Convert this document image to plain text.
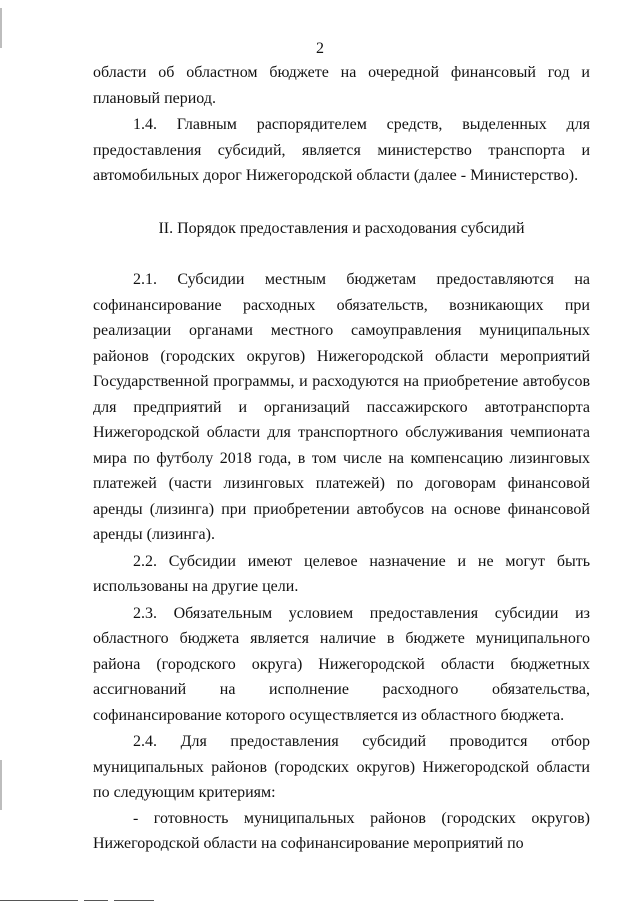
2

области об областном бюджете на очередной финансовый год и плановый период.

1.4. Главным распорядителем средств, выделенных для предоставления субсидий, является министерство транспорта и автомобильных дорог Нижегородской области (далее - Министерство).

II. Порядок предоставления и расходования субсидий

2.1. Субсидии местным бюджетам предоставляются на софинансирование расходных обязательств, возникающих при реализации органами местного самоуправления муниципальных районов (городских округов) Нижегородской области мероприятий Государственной программы, и расходуются на приобретение автобусов для предприятий и организаций пассажирского автотранспорта Нижегородской области для транспортного обслуживания чемпионата мира по футболу 2018 года, в том числе на компенсацию лизинговых платежей (части лизинговых платежей) по договорам финансовой аренды (лизинга) при приобретении автобусов на основе финансовой аренды (лизинга).

2.2. Субсидии имеют целевое назначение и не могут быть использованы на другие цели.

2.3. Обязательным условием предоставления субсидии из областного бюджета является наличие в бюджете муниципального района (городского округа) Нижегородской области бюджетных ассигнований на исполнение расходного обязательства, софинансирование которого осуществляется из областного бюджета.

2.4. Для предоставления субсидий проводится отбор муниципальных районов (городских округов) Нижегородской области по следующим критериям:

- готовность муниципальных районов (городских округов) Нижегородской области на софинансирование мероприятий по
